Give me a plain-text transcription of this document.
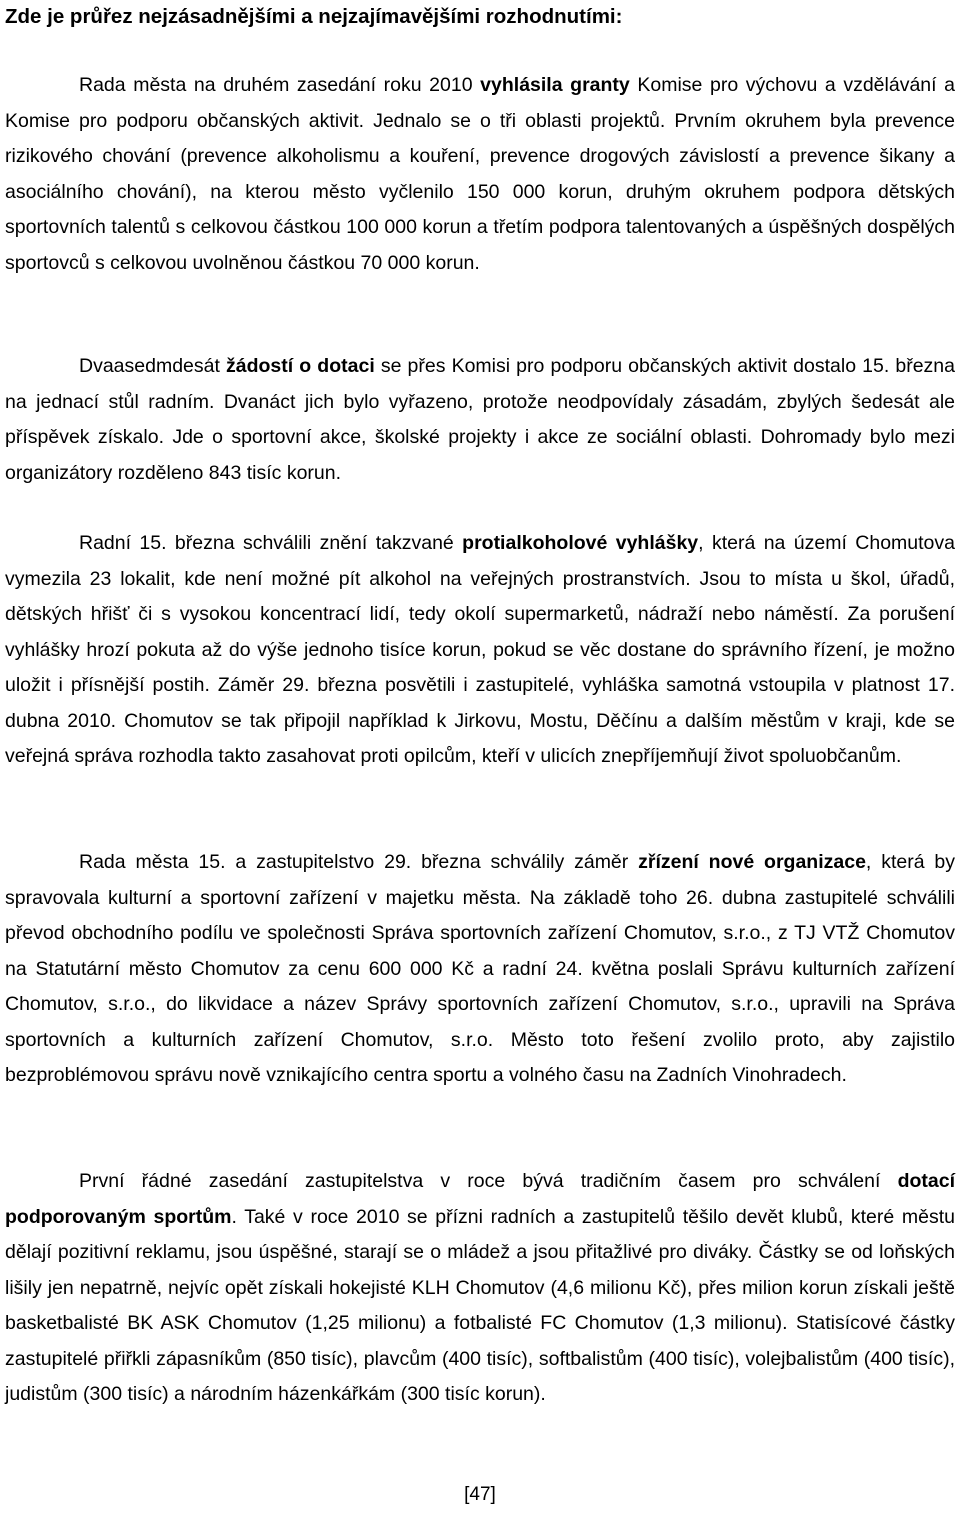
Zde je průřez nejzásadnějšími a nejzajímavějšími rozhodnutími:

Rada města na druhém zasedání roku 2010 vyhlásila granty Komise pro výchovu a vzdělávání a Komise pro podporu občanských aktivit. Jednalo se o tři oblasti projektů. Prvním okruhem byla prevence rizikového chování (prevence alkoholismu a kouření, prevence drogových závislostí a prevence šikany a asociálního chování), na kterou město vyčlenilo 150 000 korun, druhým okruhem podpora dětských sportovních talentů s celkovou částkou 100 000 korun a třetím podpora talentovaných a úspěšných dospělých sportovců s celkovou uvolněnou částkou 70 000 korun.

Dvaasedmdesát žádostí o dotaci se přes Komisi pro podporu občanských aktivit dostalo 15. března na jednací stůl radním. Dvanáct jich bylo vyřazeno, protože neodpovídaly zásadám, zbylých šedesát ale příspěvek získalo. Jde o sportovní akce, školské projekty i akce ze sociální oblasti. Dohromady bylo mezi organizátory rozděleno 843 tisíc korun.

Radní 15. března schválili znění takzvané protialkoholové vyhlášky, která na území Chomutova vymezila 23 lokalit, kde není možné pít alkohol na veřejných prostranstvích. Jsou to místa u škol, úřadů, dětských hřišť či s vysokou koncentrací lidí, tedy okolí supermarketů, nádraží nebo náměstí. Za porušení vyhlášky hrozí pokuta až do výše jednoho tisíce korun, pokud se věc dostane do správního řízení, je možno uložit i přísnější postih. Záměr 29. března posvětili i zastupitelé, vyhláška samotná vstoupila v platnost 17. dubna 2010. Chomutov se tak připojil například k Jirkovu, Mostu, Děčínu a dalším městům v kraji, kde se veřejná správa rozhodla takto zasahovat proti opilcům, kteří v ulicích znepříjemňují život spoluobčanům.

Rada města 15. a zastupitelstvo 29. března schválily záměr zřízení nové organizace, která by spravovala kulturní a sportovní zařízení v majetku města. Na základě toho 26. dubna zastupitelé schválili převod obchodního podílu ve společnosti Správa sportovních zařízení Chomutov, s.r.o., z TJ VTŽ Chomutov na Statutární město Chomutov za cenu 600 000 Kč a radní 24. května poslali Správu kulturních zařízení Chomutov, s.r.o., do likvidace a název Správy sportovních zařízení Chomutov, s.r.o., upravili na Správa sportovních a kulturních zařízení Chomutov, s.r.o. Město toto řešení zvolilo proto, aby zajistilo bezproblémovou správu nově vznikajícího centra sportu a volného času na Zadních Vinohradech.

První řádné zasedání zastupitelstva v roce bývá tradičním časem pro schválení dotací podporovaným sportům. Také v roce 2010 se přízni radních a zastupitelů těšilo devět klubů, které městu dělají pozitivní reklamu, jsou úspěšné, starají se o mládež a jsou přitažlivé pro diváky. Částky se od loňských lišily jen nepatrně, nejvíc opět získali hokejisté KLH Chomutov (4,6 milionu Kč), přes milion korun získali ještě basketbalisté BK ASK Chomutov (1,25 milionu) a fotbalisté FC Chomutov (1,3 milionu). Statisícové částky zastupitelé přiřkli zápasníkům (850 tisíc), plavcům (400 tisíc), softbalistům (400 tisíc), volejbalistům (400 tisíc), judistům (300 tisíc) a národním házenkářkám (300 tisíc korun).

[47]
